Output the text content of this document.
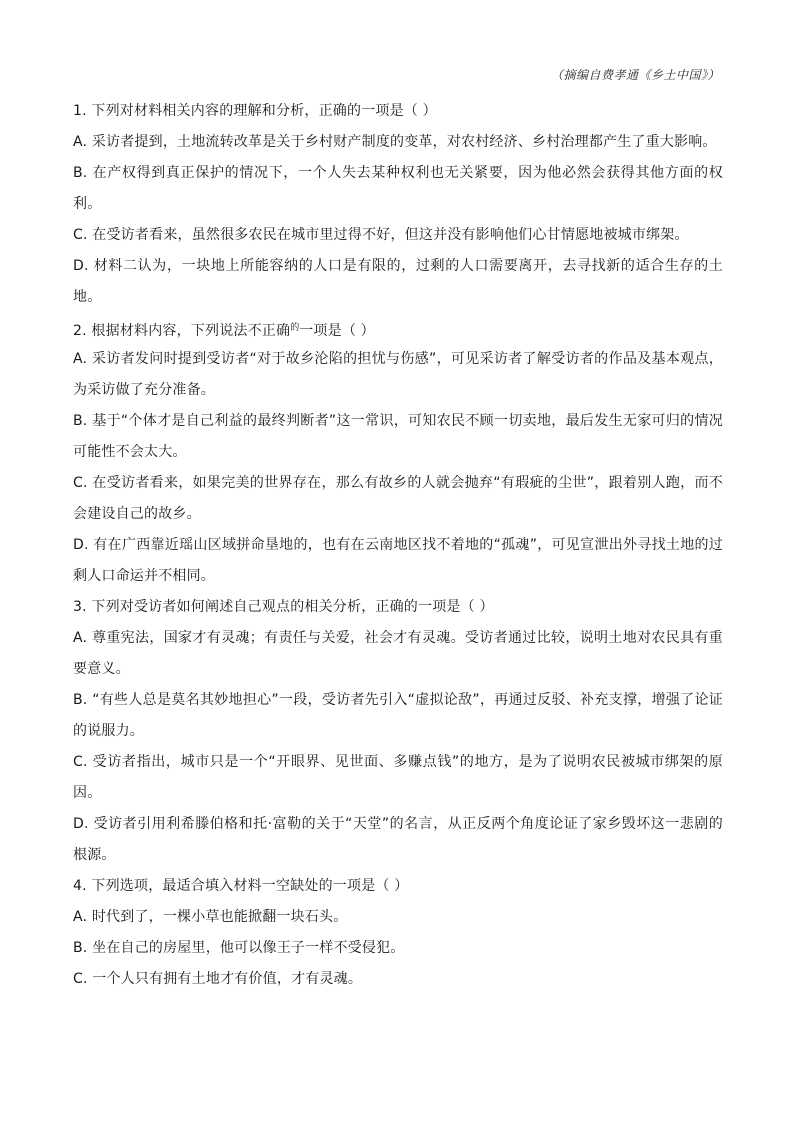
（摘编自费孝通《乡土中国》）
1. 下列对材料相关内容的理解和分析，正确的一项是（ ）
A. 采访者提到，土地流转改革是关于乡村财产制度的变革，对农村经济、乡村治理都产生了重大影响。
B. 在产权得到真正保护的情况下，一个人失去某种权利也无关紧要，因为他必然会获得其他方面的权利。
C. 在受访者看来，虽然很多农民在城市里过得不好，但这并没有影响他们心甘情愿地被城市绑架。
D. 材料二认为，一块地上所能容纳的人口是有限的，过剩的人口需要离开，去寻找新的适合生存的土地。
2. 根据材料内容，下列说法不正确$^的$一项是（ ）
A. 采访者发问时提到受访者“对于故乡沦陷的担忧与伤感”，可见采访者了解受访者的作品及基本观点，为采访做了充分准备。
B. 基于“个体才是自己利益的最终判断者”这一常识，可知农民不顾一切卖地，最后发生无家可归的情况可能性不会太大。
C. 在受访者看来，如果完美的世界存在，那么有故乡的人就会抛弃“有瑕疵的尘世”，跟着别人跑，而不会建设自己的故乡。
D. 有在广西靠近瑶山区域拼命垦地的，也有在云南地区找不着地的“孤魂”，可见宣泄出外寻找土地的过剩人口命运并不相同。
3. 下列对受访者如何阐述自己观点的相关分析，正确的一项是（ ）
A. 尊重宪法，国家才有灵魂；有责任与关爱，社会才有灵魂。受访者通过比较，说明土地对农民具有重要意义。
B. “有些人总是莫名其妙地担心”一段，受访者先引入“虚拟论敌”，再通过反驳、补充支撑，增强了论证的说服力。
C. 受访者指出，城市只是一个“开眼界、见世面、多赚点钱”的地方，是为了说明农民被城市绑架的原因。
D. 受访者引用利希滕伯格和托·富勒的关于“天堂”的名言，从正反两个角度论证了家乡毁坏这一悲剧的根源。
4. 下列选项，最适合填入材料一空缺处的一项是（ ）
A. 时代到了，一棵小草也能掀翻一块石头。
B. 坐在自己的房屋里，他可以像王子一样不受侵犯。
C. 一个人只有拥有土地才有价值，才有灵魂。
